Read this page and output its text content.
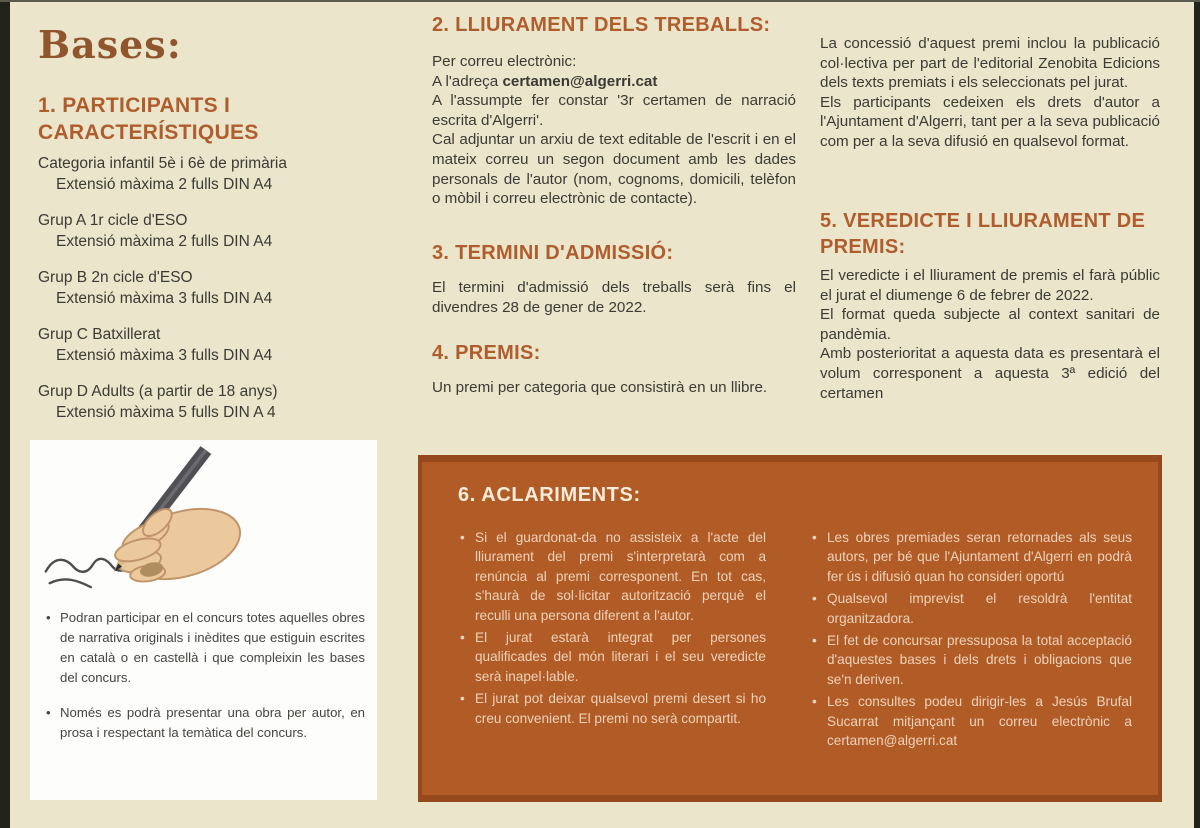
Bases:
1. PARTICIPANTS I CARACTERÍSTIQUES
Categoria infantil 5è i 6è de primària
Extensió màxima 2 fulls DIN A4
Grup A 1r cicle d'ESO
Extensió màxima 2 fulls DIN A4
Grup B 2n cicle d'ESO
Extensió màxima 3 fulls DIN A4
Grup C Batxillerat
Extensió màxima 3 fulls DIN A4
Grup D Adults (a partir de 18 anys)
Extensió màxima 5 fulls DIN A 4
• Podran participar en el concurs totes aquelles obres de narrativa originals i inèdites que estiguin escrites en català o en castellà i que compleixin les bases del concurs.
• Només es podrà presentar una obra per autor, en prosa i respectant la temàtica del concurs.
2. LLIURAMENT DELS TREBALLS:
Per correu electrònic:
A l'adreça certamen@algerri.cat
A l'assumpte fer constar '3r certamen de narració escrita d'Algerri'.
Cal adjuntar un arxiu de text editable de l'escrit i en el mateix correu un segon document amb les dades personals de l'autor (nom, cognoms, domicili, telèfon o mòbil i correu electrònic de contacte).
3. TERMINI D'ADMISSIÓ:
El termini d'admissió dels treballs serà fins el divendres 28 de gener de 2022.
4. PREMIS:
Un premi per categoria que consistirà en un llibre.
La concessió d'aquest premi inclou la publicació col·lectiva per part de l'editorial Zenobita Edicions dels texts premiats i els seleccionats pel jurat.
Els participants cedeixen els drets d'autor a l'Ajuntament d'Algerri, tant per a la seva publicació com per a la seva difusió en qualsevol format.
5. VEREDICTE I LLIURAMENT DE PREMIS:
El veredicte i el lliurament de premis el farà públic el jurat el diumenge 6 de febrer de 2022.
El format queda subjecte al context sanitari de pandèmia.
Amb posterioritat a aquesta data es presentarà el volum corresponent a aquesta 3ª edició del certamen
6. ACLARIMENTS:
• Si el guardonat-da no assisteix a l'acte del lliurament del premi s'interpretarà com a renúncia al premi corresponent. En tot cas, s'haurà de sol·licitar autorització perquè el reculli una persona diferent a l'autor.
• El jurat estarà integrat per persones qualificades del món literari i el seu veredicte serà inapel·lable.
• El jurat pot deixar qualsevol premi desert si ho creu convenient. El premi no serà compartit.
• Les obres premiades seran retornades als seus autors, per bé que l'Ajuntament d'Algerri en podrà fer ús i difusió quan ho consideri oportú
• Qualsevol imprevist el resoldrà l'entitat organitzadora.
• El fet de concursar pressuposa la total acceptació d'aquestes bases i dels drets i obligacions que se'n deriven.
• Les consultes podeu dirigir-les a Jesús Brufal Sucarrat mitjançant un correu electrònic a certamen@algerri.cat
